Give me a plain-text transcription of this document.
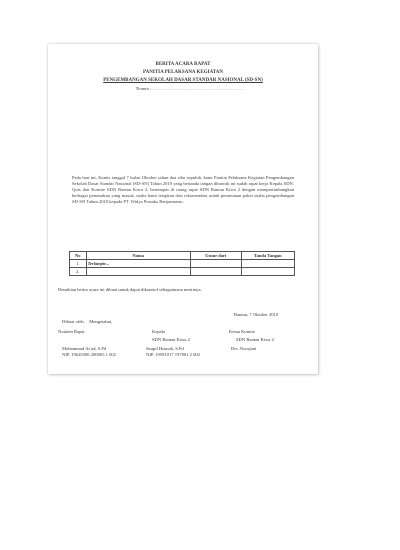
BERITA ACARA RAPAT
PANITIA PELAKSANA KEGIATAN
PENGEMBANGAN SEKOLAH DASAR STANDAR NASIONAL (SD-SN)
Nomor : .......................................................
Pada hari ini, Kamis tanggal 7 bulan Oktober tahun dua ribu sepuluh, kami Panitia Pelaksana Kegiatan Pengembangan Sekolah Dasar Standar Nasional (SD-SN) Tahun 2010 yang bertanda tangan dibawah ini sudah rapat kerja Kepala SDN. Quis dan Komite SDN Rantau Kiwa 2, bertempat di ruang rapat SDN Rantau Kiwa 2 dengan mempertimbangkan berbagai pemasukan yang masuk, maka kami tetapkan dari rekomendasi untuk pemesanan paket usaha pengembangan SD-SN Tahun 2010 kepada PT. Widya Pustaka Banjarmasin.
No	Nama	Unsur dari	Tanda Tangan
1.	Terlampir...		
2.			
Demikian berita acara ini dibuat untuk dapat dikontrol sebagaimana mestinya.
Rantau, 7 Oktober 2010
Dibuat oleh,    Mengetahui,
Notulen Rapat	Kepala	Ketua Komite
SDN Rantau Kiwa 2	SDN Rantau Kiwa 2
Muhammad As'ad, S.Pd
NIP. 19620306 200003 1 002
Saupil Husnah, S.Pd
NIP. 19581017 197801 2 002
Drs. Noorjani
